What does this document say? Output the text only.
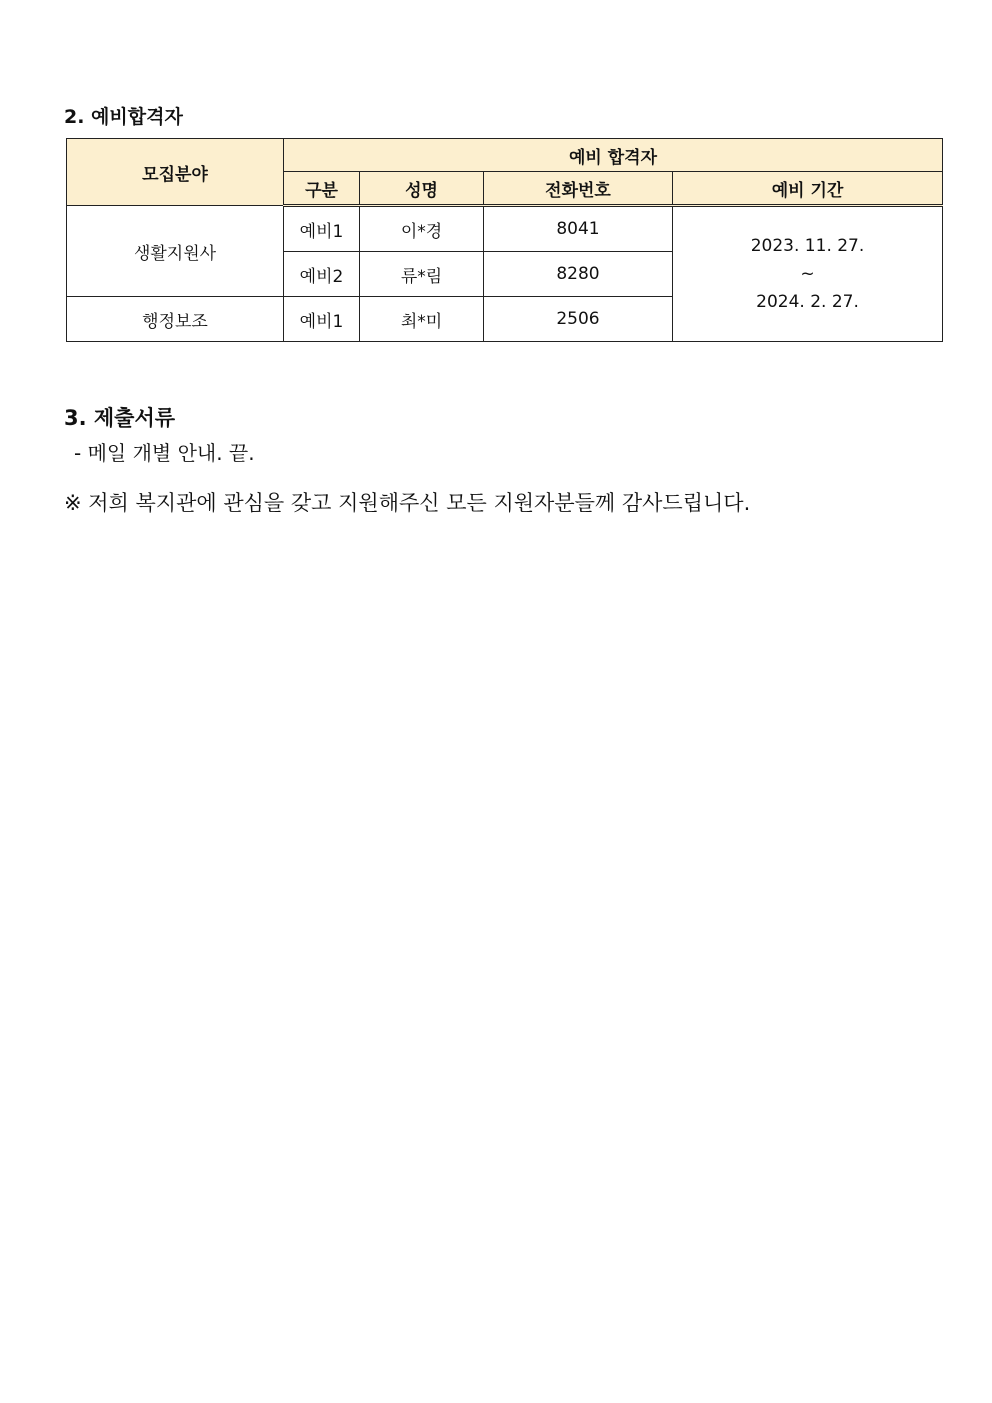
2. 예비합격자
모집분야	예비 합격자			
	구분	성명	전화번호	예비 기간
생활지원사	예비1	이*경	8041	2023. 11. 27.
~
2024. 2. 27.

	예비2	류*림	8280	
행정보조	예비1	최*미	2506	
3. 제출서류
- 메일 개별 안내. 끝.
※ 저희 복지관에 관심을 갖고 지원해주신 모든 지원자분들께 감사드립니다.
